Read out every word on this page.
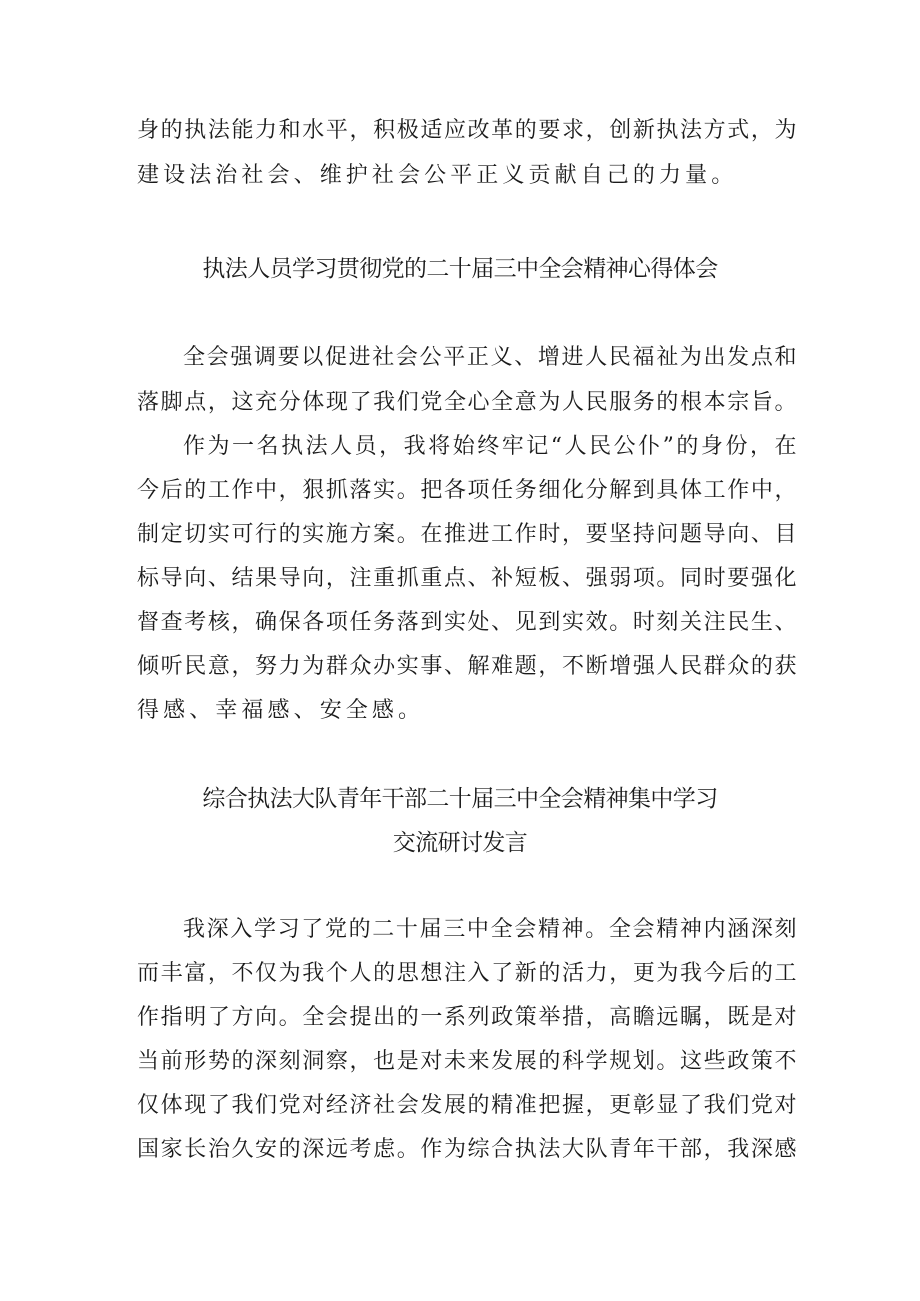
身的执法能力和水平，积极适应改革的要求，创新执法方式，为
建设法治社会、维护社会公平正义贡献自己的力量。
执法人员学习贯彻党的二十届三中全会精神心得体会
全会强调要以促进社会公平正义、增进人民福祉为出发点和
落脚点，这充分体现了我们党全心全意为人民服务的根本宗旨。
作为一名执法人员，我将始终牢记“人民公仆”的身份，在
今后的工作中，狠抓落实。把各项任务细化分解到具体工作中，
制定切实可行的实施方案。在推进工作时，要坚持问题导向、目
标导向、结果导向，注重抓重点、补短板、强弱项。同时要强化
督查考核，确保各项任务落到实处、见到实效。时刻关注民生、
倾听民意，努力为群众办实事、解难题，不断增强人民群众的获
得感、幸福感、安全感。
综合执法大队青年干部二十届三中全会精神集中学习
交流研讨发言
我深入学习了党的二十届三中全会精神。全会精神内涵深刻
而丰富，不仅为我个人的思想注入了新的活力，更为我今后的工
作指明了方向。全会提出的一系列政策举措，高瞻远瞩，既是对
当前形势的深刻洞察，也是对未来发展的科学规划。这些政策不
仅体现了我们党对经济社会发展的精准把握，更彰显了我们党对
国家长治久安的深远考虑。作为综合执法大队青年干部，我深感
